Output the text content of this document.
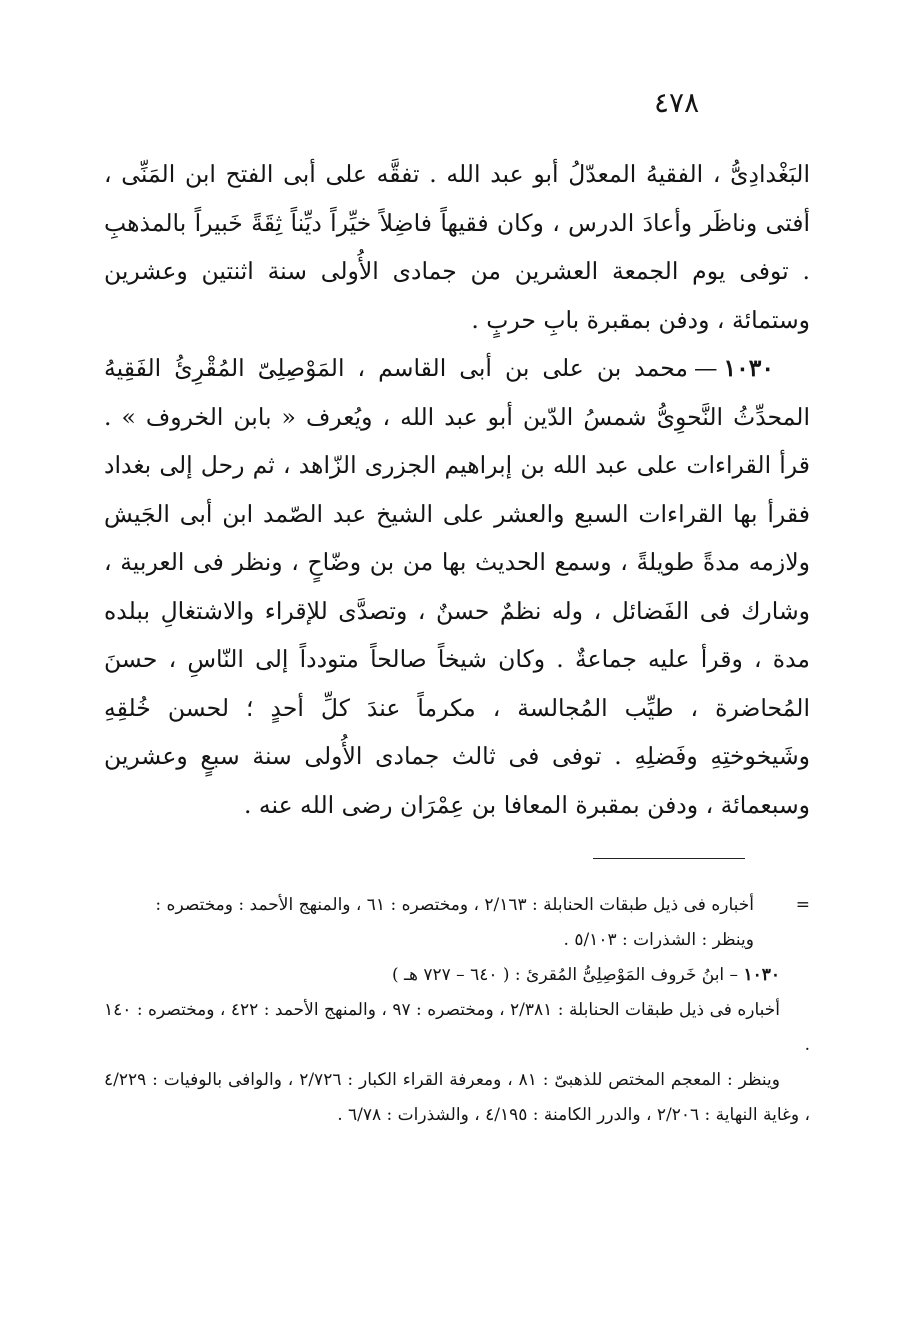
٤٧٨

البَغْدادِىُّ ، الفقيهُ المعدّلُ أبو عبد الله . تفقَّه على أبى الفتح ابن المَنِّى ، أفتى وناظَر وأعادَ الدرس ، وكان فقيهاً فاضِلاً خيِّراً ديِّناً ثِقَةً خَبيراً بالمذهبِ . توفى يوم الجمعة العشرين من جمادى الأُولى سنة اثنتين وعشرين وستمائة ، ودفن بمقبرة بابِ حربٍ .

١٠٣٠—محمد بن على بن أبى القاسم ، المَوْصِلِىّ المُقْرِئُ الفَقِيهُ المحدِّثُ النَّحوِىُّ شمسُ الدّين أبو عبد الله ، ويُعرف « بابن الخروف » . قرأ القراءات على عبد الله بن إبراهيم الجزرى الزّاهد ، ثم رحل إلى بغداد فقرأ بها القراءات السبع والعشر على الشيخ عبد الصّمد ابن أبى الجَيش ولازمه مدةً طويلةً ، وسمع الحديث بها من بن وضّاحٍ ، ونظر فى العربية ، وشارك فى الفَضائل ، وله نظمٌ حسنٌ ، وتصدَّى للإقراء والاشتغالِ ببلده مدة ، وقرأ عليه جماعةٌ . وكان شيخاً صالحاً متودداً إلى النّاسِ ، حسنَ المُحاضرة ، طيِّب المُجالسة ، مكرماً عندَ كلِّ أحدٍ ؛ لحسن خُلقِهِ وشَيخوختِهِ وفَضلِهِ . توفى فى ثالث جمادى الأُولى سنة سبعٍ وعشرين وسبعمائة ، ودفن بمقبرة المعافا بن عِمْرَان رضى الله عنه .

=
أخباره فى ذيل طبقات الحنابلة : ٢/١٦٣ ، ومختصره : ٦١ ، والمنهج الأحمد : ومختصره :

وينظر : الشذرات : ٥/١٠٣ .

١٠٣٠ – ابنُ خَروف المَوْصِلِىُّ المُقرئ : ( ٦٤٠ – ٧٢٧ هـ )

أخباره فى ذيل طبقات الحنابلة : ٢/٣٨١ ، ومختصره : ٩٧ ، والمنهج الأحمد : ٤٢٢ ، ومختصره : ١٤٠ .

وينظر : المعجم المختص للذهبىّ : ٨١ ، ومعرفة القراء الكبار : ٢/٧٢٦ ، والوافى بالوفيات : ٤/٢٢٩ ، وغاية النهاية : ٢/٢٠٦ ، والدرر الكامنة : ٤/١٩٥ ، والشذرات : ٦/٧٨ .
